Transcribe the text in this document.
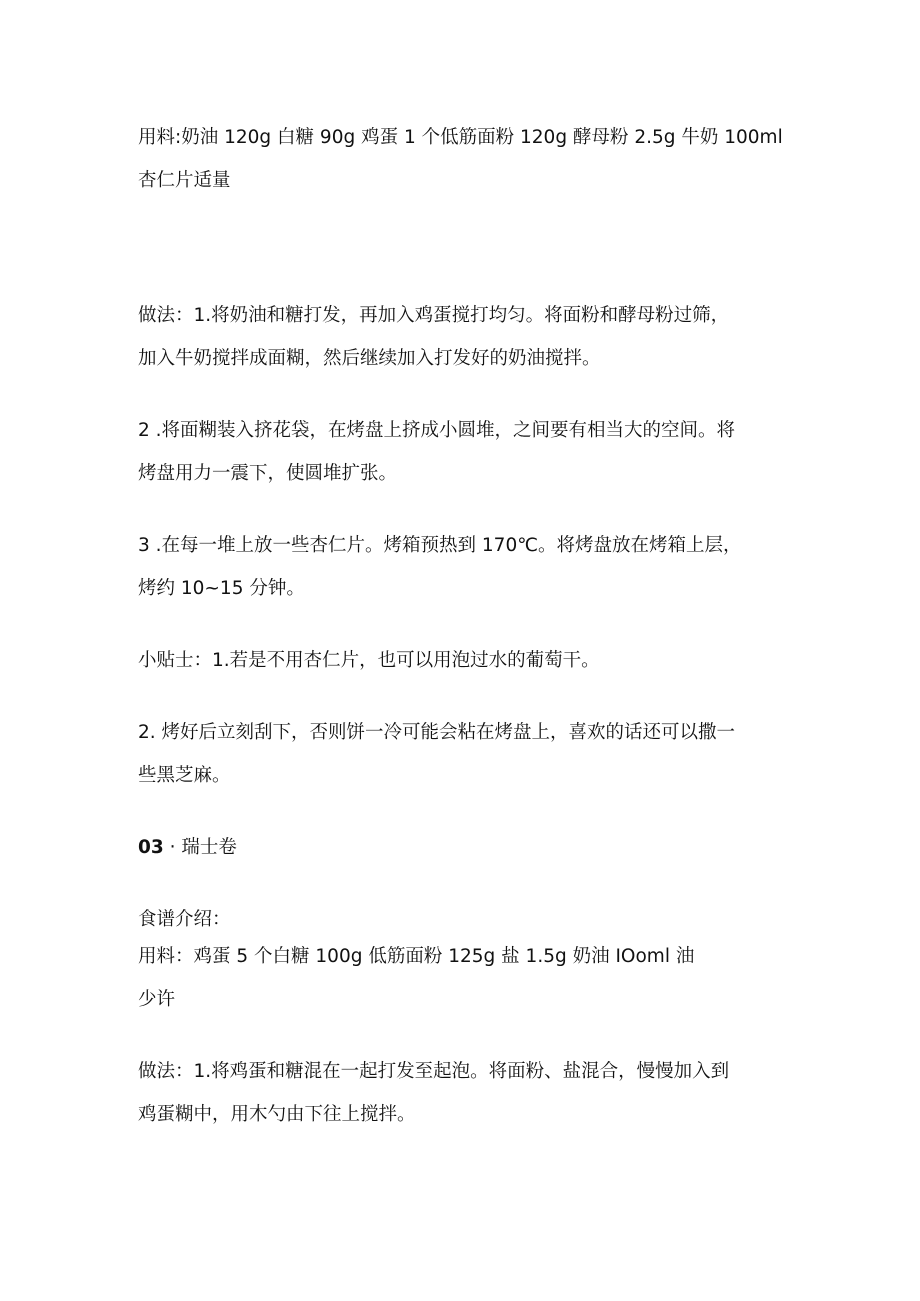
用料:奶油 120g 白糖 90g 鸡蛋 1 个低筋面粉 120g 酵母粉 2.5g 牛奶 100ml
杏仁片适量

做法：1.将奶油和糖打发，再加入鸡蛋搅打均匀。将面粉和酵母粉过筛，
加入牛奶搅拌成面糊，然后继续加入打发好的奶油搅拌。

2 .将面糊装入挤花袋，在烤盘上挤成小圆堆，之间要有相当大的空间。将
烤盘用力一震下，使圆堆扩张。

3 .在每一堆上放一些杏仁片。烤箱预热到 170℃。将烤盘放在烤箱上层，
烤约 10~15 分钟。

小贴士：1.若是不用杏仁片，也可以用泡过水的葡萄干。

2. 烤好后立刻刮下，否则饼一冷可能会粘在烤盘上，喜欢的话还可以撒一
些黑芝麻。

03 · 瑞士卷

食谱介绍：

用料：鸡蛋 5 个白糖 100g 低筋面粉 125g 盐 1.5g 奶油 IOoml 油
少许

做法：1.将鸡蛋和糖混在一起打发至起泡。将面粉、盐混合，慢慢加入到
鸡蛋糊中，用木勺由下往上搅拌。
